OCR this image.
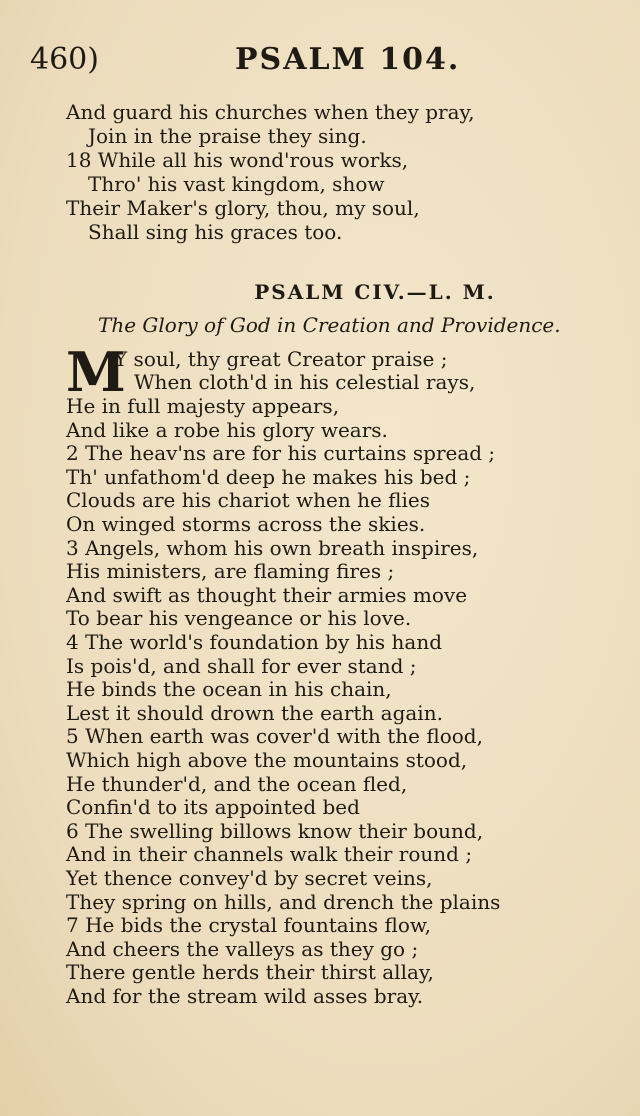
460)	PSALM 104.
And guard his churches when they pray,
Join in the praise they sing.
18 While all his wond'rous works,
Thro' his vast kingdom, show
Their Maker's glory, thou, my soul,
Shall sing his graces too.
PSALM CIV.—L. M.
The Glory of God in Creation and Providence.
M
Y soul, thy great Creator praise ;
When cloth'd in his celestial rays,
He in full majesty appears,
And like a robe his glory wears.
2 The heav'ns are for his curtains spread ;
Th' unfathom'd deep he makes his bed ;
Clouds are his chariot when he flies
On winged storms across the skies.
3 Angels, whom his own breath inspires,
His ministers, are flaming fires ;
And swift as thought their armies move
To bear his vengeance or his love.
4 The world's foundation by his hand
Is pois'd, and shall for ever stand ;
He binds the ocean in his chain,
Lest it should drown the earth again.
5 When earth was cover'd with the flood,
Which high above the mountains stood,
He thunder'd, and the ocean fled,
Confin'd to its appointed bed
6 The swelling billows know their bound,
And in their channels walk their round ;
Yet thence convey'd by secret veins,
They spring on hills, and drench the plains
7 He bids the crystal fountains flow,
And cheers the valleys as they go ;
There gentle herds their thirst allay,
And for the stream wild asses bray.
